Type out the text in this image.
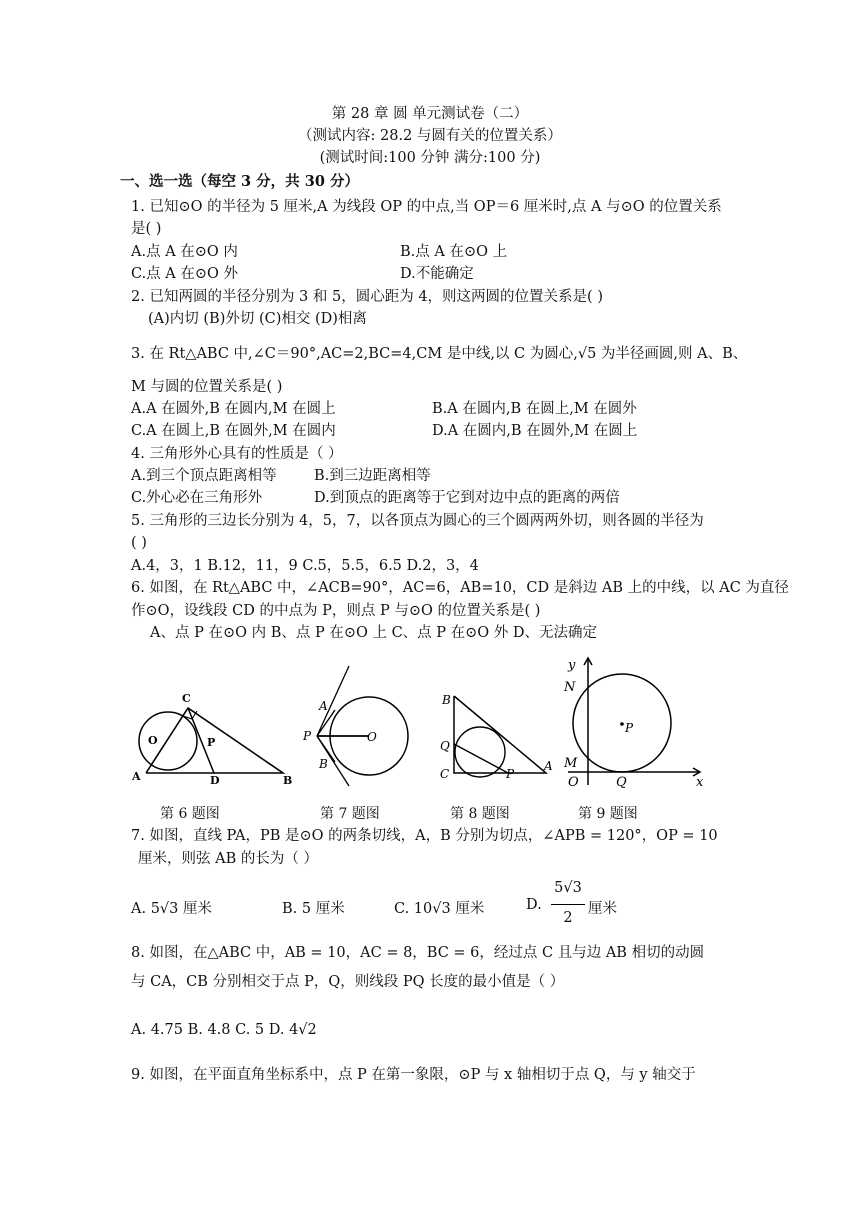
第 28 章 圆 单元测试卷（二）
（测试内容: 28.2 与圆有关的位置关系）
(测试时间:100 分钟 满分:100 分)
一、选一选（每空 3 分，共 30 分）
1. 已知⊙O 的半径为 5 厘米,A 为线段 OP 的中点,当 OP＝6 厘米时,点 A 与⊙O 的位置关系
是( )
A.点 A 在⊙O 内	B.点 A 在⊙O 上
C.点 A 在⊙O 外	D.不能确定
2. 已知两圆的半径分别为 3 和 5，圆心距为 4，则这两圆的位置关系是( )
(A)内切 (B)外切 (C)相交 (D)相离
3. 在 Rt△ABC 中,∠C＝90°,AC=2,BC=4,CM 是中线,以 C 为圆心,√5 为半径画圆,则 A、B、
M 与圆的位置关系是( )
A.A 在圆外,B 在圆内,M 在圆上	B.A 在圆内,B 在圆上,M 在圆外
C.A 在圆上,B 在圆外,M 在圆内	D.A 在圆内,B 在圆外,M 在圆上
4. 三角形外心具有的性质是（ ）
A.到三个顶点距离相等	B.到三边距离相等
C.外心必在三角形外	D.到顶点的距离等于它到对边中点的距离的两倍
5. 三角形的三边长分别为 4，5，7，以各顶点为圆心的三个圆两两外切，则各圆的半径为
( )
A.4，3，1 B.12，11，9 C.5，5.5，6.5 D.2，3，4
6. 如图，在 Rt△ABC 中，∠ACB=90°，AC=6，AB=10，CD 是斜边 AB 上的中线，以 AC 为直径
作⊙O，设线段 CD 的中点为 P，则点 P 与⊙O 的位置关系是( )
A、点 P 在⊙O 内 B、点 P 在⊙O 上 C、点 P 在⊙O 外 D、无法确定
C
O	P
A	D	B
第 6 题图
A
P	O
B
第 7 题图
B
Q
C	P
A
第 8 题图
y
N
P
M
O	Q	x
第 9 题图
7. 如图，直线 PA，PB 是⊙O 的两条切线，A，B 分别为切点，∠APB = 120°，OP = 10
厘米，则弦 AB 的长为（ ）
A. 5√3 厘米	B. 5 厘米	C. 10√3 厘米	D.
5√3
2
厘米
8. 如图，在△ABC 中，AB = 10，AC = 8，BC = 6，经过点 C 且与边 AB 相切的动圆
与 CA，CB 分别相交于点 P，Q，则线段 PQ 长度的最小值是（ ）
A. 4.75 B. 4.8 C. 5 D. 4√2
9. 如图，在平面直角坐标系中，点 P 在第一象限，⊙P 与 x 轴相切于点 Q，与 y 轴交于
